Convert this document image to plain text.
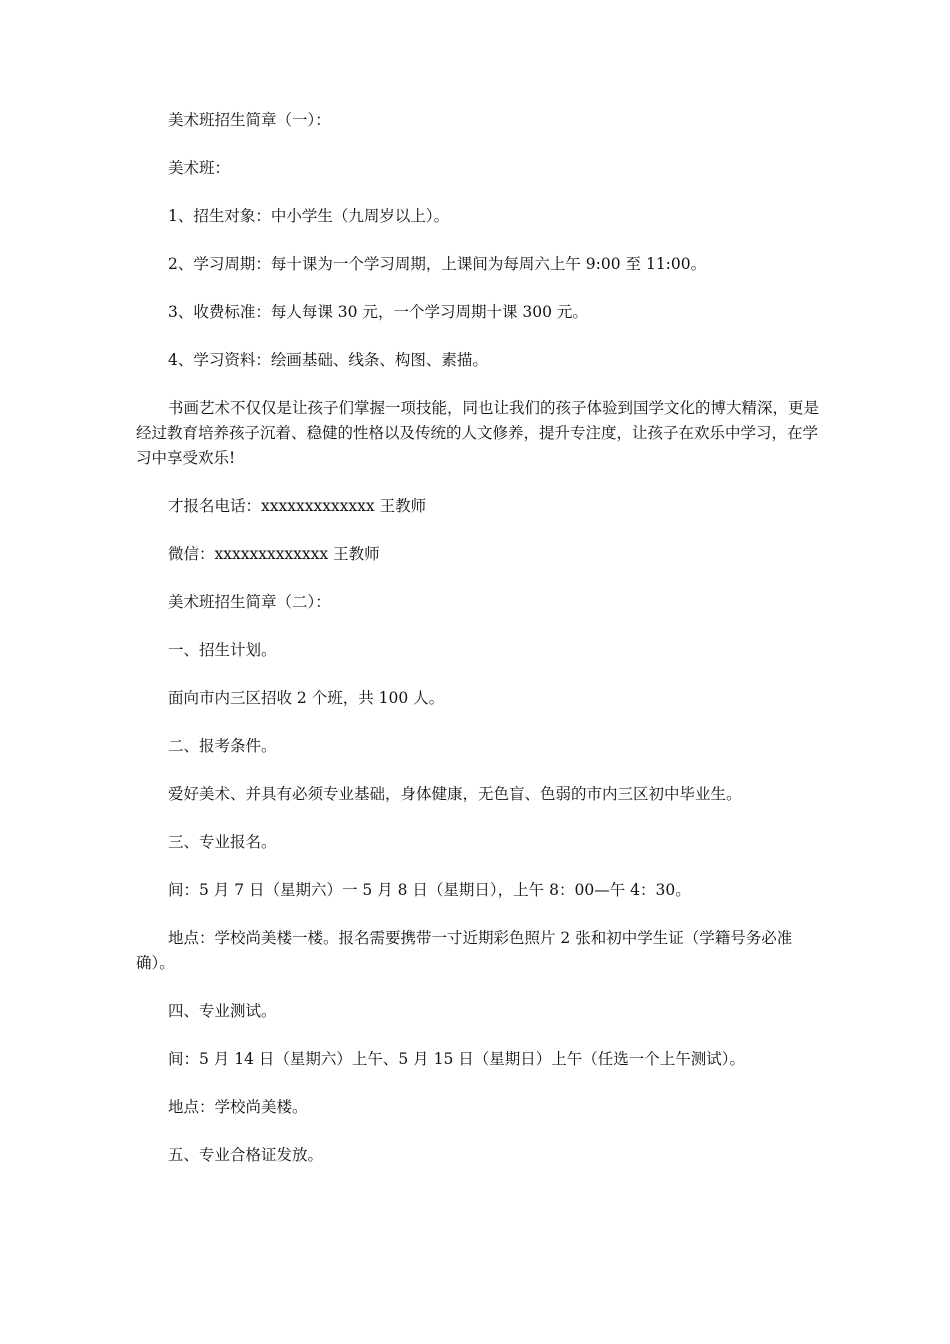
美术班招生简章（一）：

美术班：

1、招生对象：中小学生（九周岁以上）。

2、学习周期：每十课为一个学习周期，上课间为每周六上午 9:00 至 11:00。

3、收费标准：每人每课 30 元，一个学习周期十课 300 元。

4、学习资料：绘画基础、线条、构图、素描。

书画艺术不仅仅是让孩子们掌握一项技能，同也让我们的孩子体验到国学文化的博大精深，更是经过教育培养孩子沉着、稳健的性格以及传统的人文修养，提升专注度，让孩子在欢乐中学习，在学习中享受欢乐!

才报名电话：xxxxxxxxxxxxx 王教师

微信：xxxxxxxxxxxxx 王教师

美术班招生简章（二）：

一、招生计划。

面向市内三区招收 2 个班，共 100 人。

二、报考条件。

爱好美术、并具有必须专业基础，身体健康，无色盲、色弱的市内三区初中毕业生。

三、专业报名。

间：5 月 7 日（星期六）一 5 月 8 日（星期日），上午 8：00—午 4：30。

地点：学校尚美楼一楼。报名需要携带一寸近期彩色照片 2 张和初中学生证（学籍号务必准确）。

四、专业测试。

间：5 月 14 日（星期六）上午、5 月 15 日（星期日）上午（任选一个上午测试）。

地点：学校尚美楼。

五、专业合格证发放。
